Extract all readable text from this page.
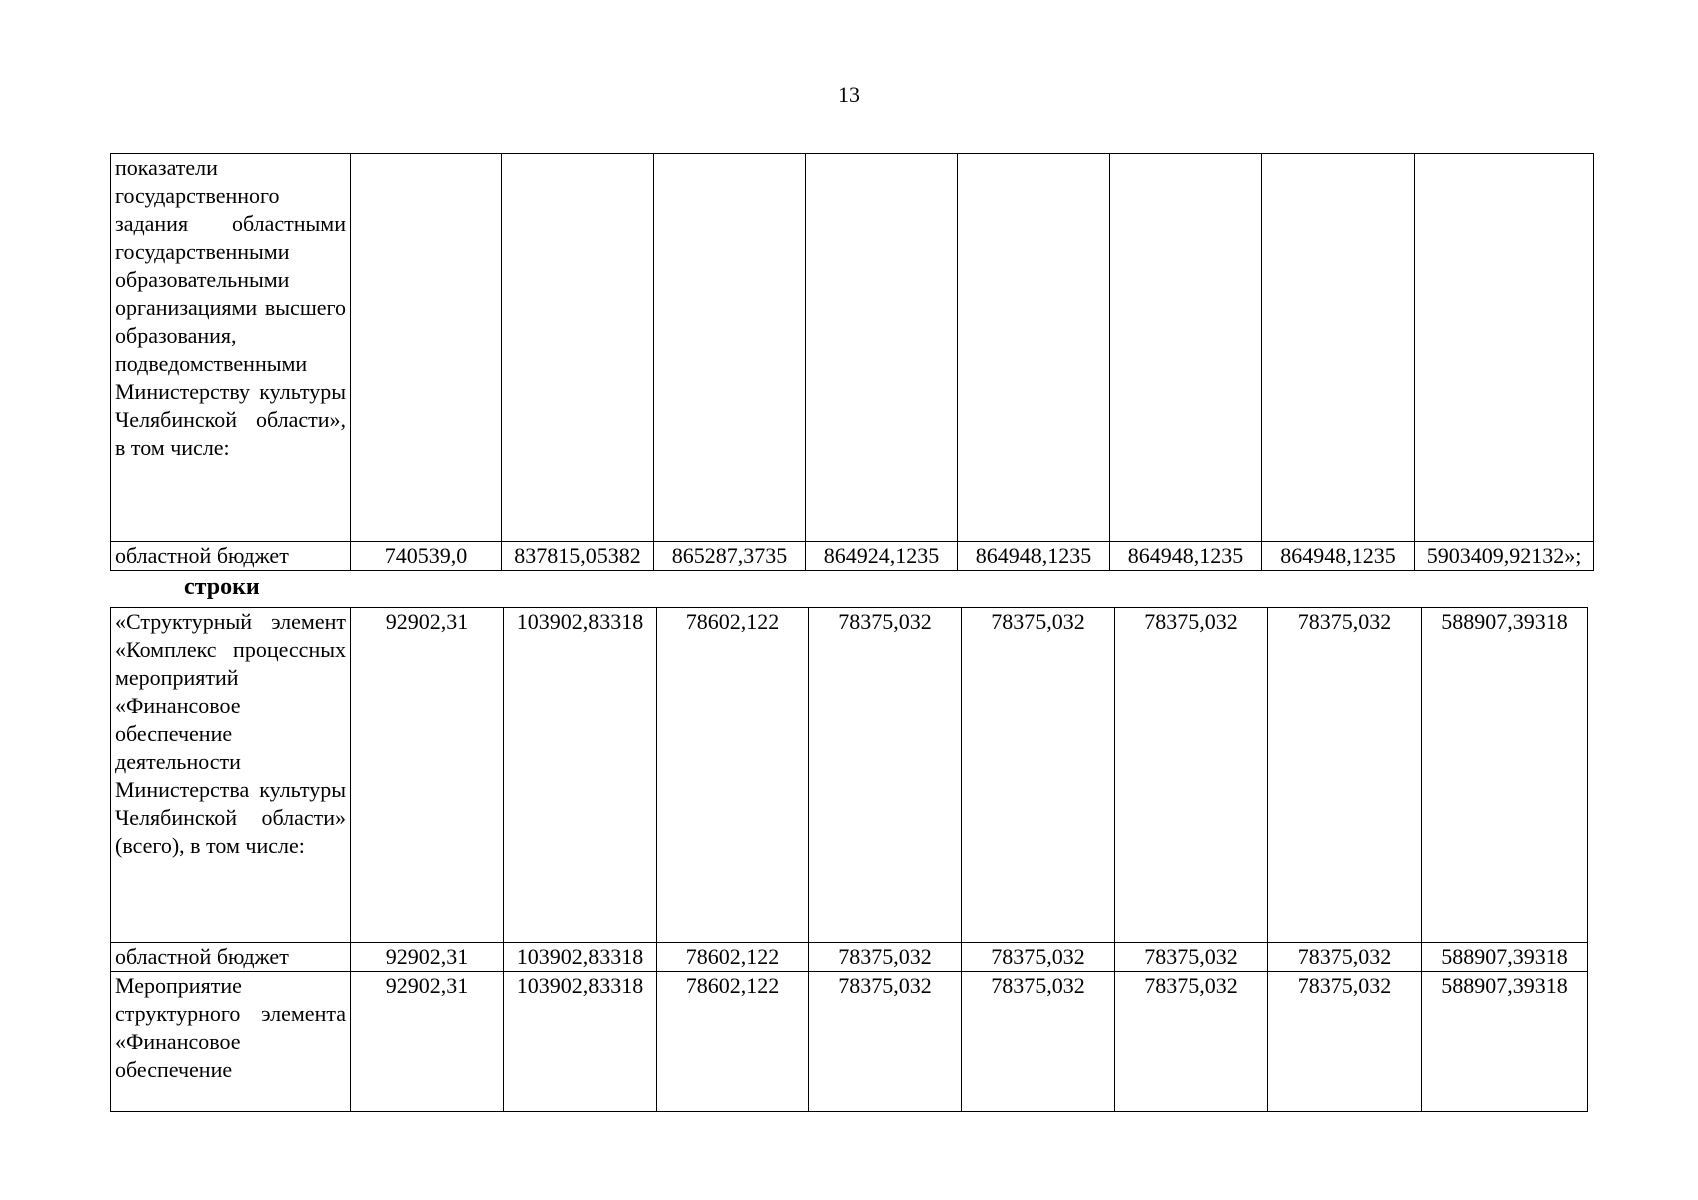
13
показатели государственного задания областными государственными образовательными организациями высшего образования, подведомственными Министерству культуры Челябинской области», в том числе:								
областной бюджет	740539,0	837815,05382	865287,3735	864924,1235	864948,1235	864948,1235	864948,1235	5903409,92132»;
строки
«Структурный элемент «Комплекс процессных мероприятий «Финансовое обеспечение деятельности Министерства культуры Челябинской области» (всего), в том числе:	92902,31	103902,83318	78602,122	78375,032	78375,032	78375,032	78375,032	588907,39318
областной бюджет	92902,31	103902,83318	78602,122	78375,032	78375,032	78375,032	78375,032	588907,39318
Мероприятие структурного элемента «Финансовое обеспечение	92902,31	103902,83318	78602,122	78375,032	78375,032	78375,032	78375,032	588907,39318
